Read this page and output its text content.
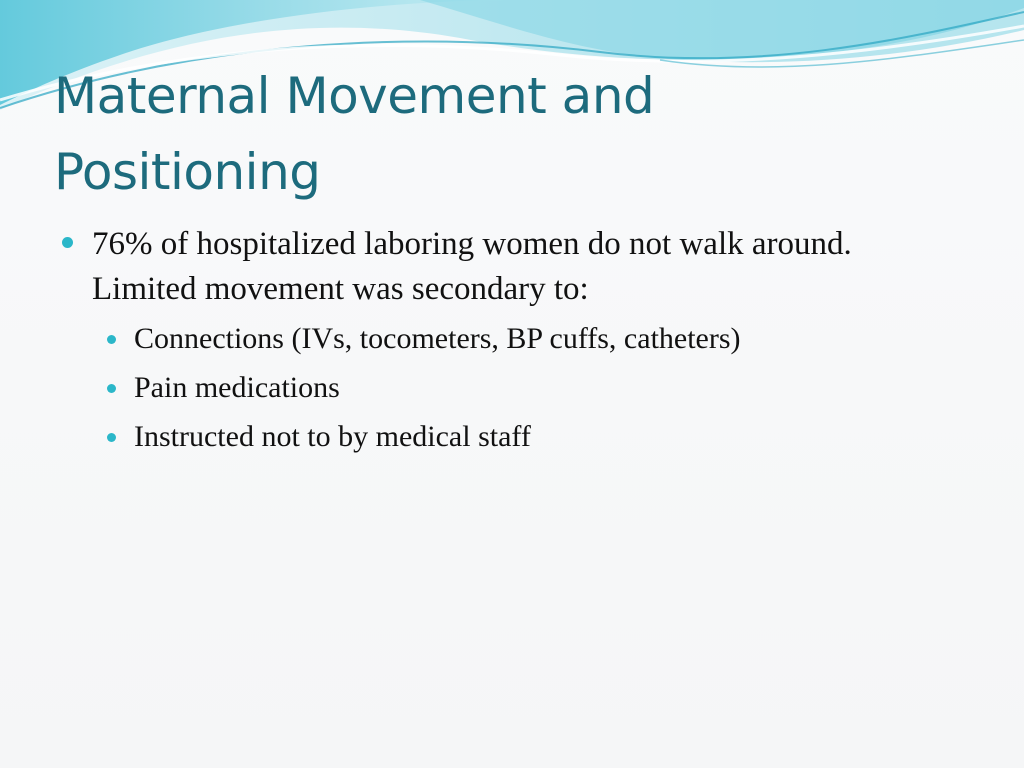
Maternal Movement and
Positioning
76% of hospitalized laboring women do not walk around. Limited movement was secondary to:
Connections (IVs, tocometers, BP cuffs, catheters)
Pain medications
Instructed not to by medical staff
